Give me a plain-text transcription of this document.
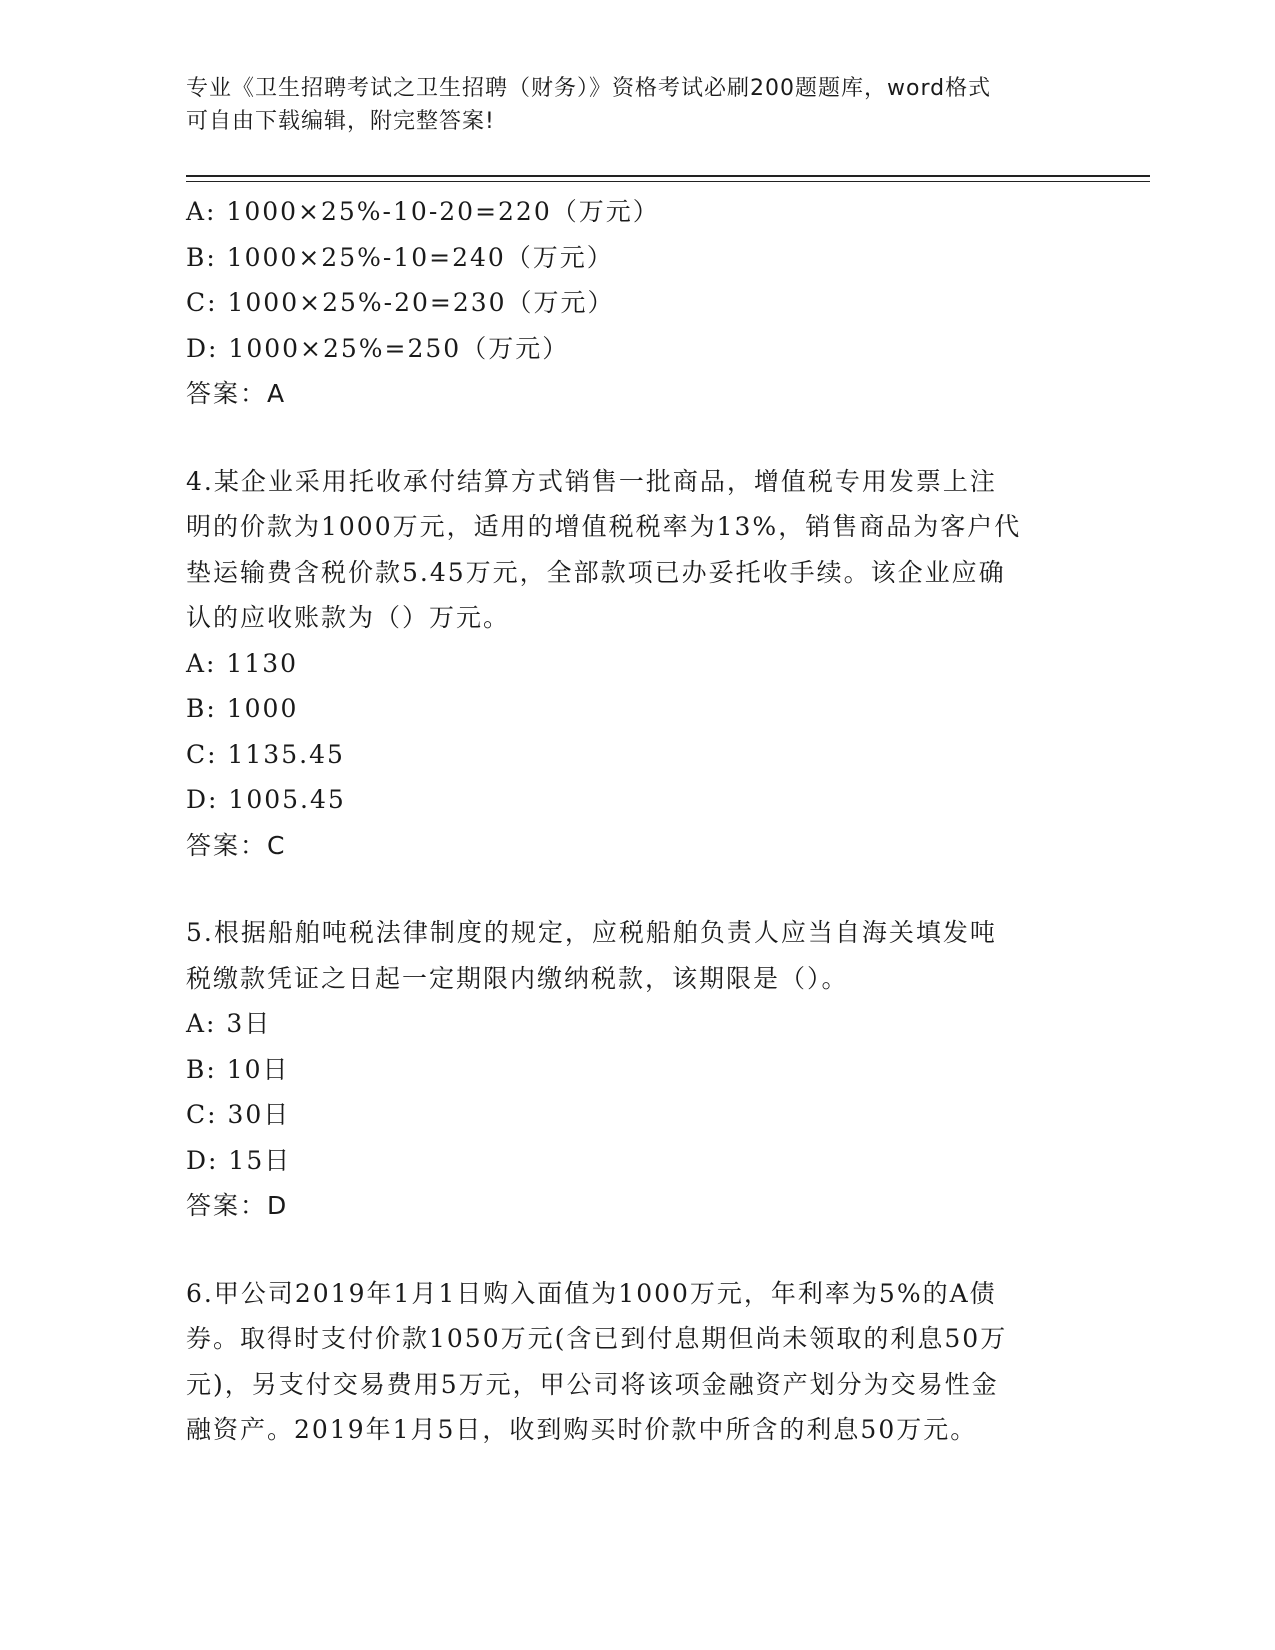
专业《卫生招聘考试之卫生招聘（财务）》资格考试必刷200题题库，word格式
可自由下载编辑，附完整答案!
A: 1000×25%-10-20=220（万元）
B: 1000×25%-10=240（万元）
C: 1000×25%-20=230（万元）
D: 1000×25%=250（万元）
答案：A
4.某企业采用托收承付结算方式销售一批商品，增值税专用发票上注
明的价款为1000万元，适用的增值税税率为13%，销售商品为客户代
垫运输费含税价款5.45万元，全部款项已办妥托收手续。该企业应确
认的应收账款为（）万元。
A: 1130
B: 1000
C: 1135.45
D: 1005.45
答案：C
5.根据船舶吨税法律制度的规定，应税船舶负责人应当自海关填发吨
税缴款凭证之日起一定期限内缴纳税款，该期限是（）。
A: 3日
B: 10日
C: 30日
D: 15日
答案：D
6.甲公司2019年1月1日购入面值为1000万元，年利率为5%的A债
券。取得时支付价款1050万元(含已到付息期但尚未领取的利息50万
元)，另支付交易费用5万元，甲公司将该项金融资产划分为交易性金
融资产。2019年1月5日，收到购买时价款中所含的利息50万元。
